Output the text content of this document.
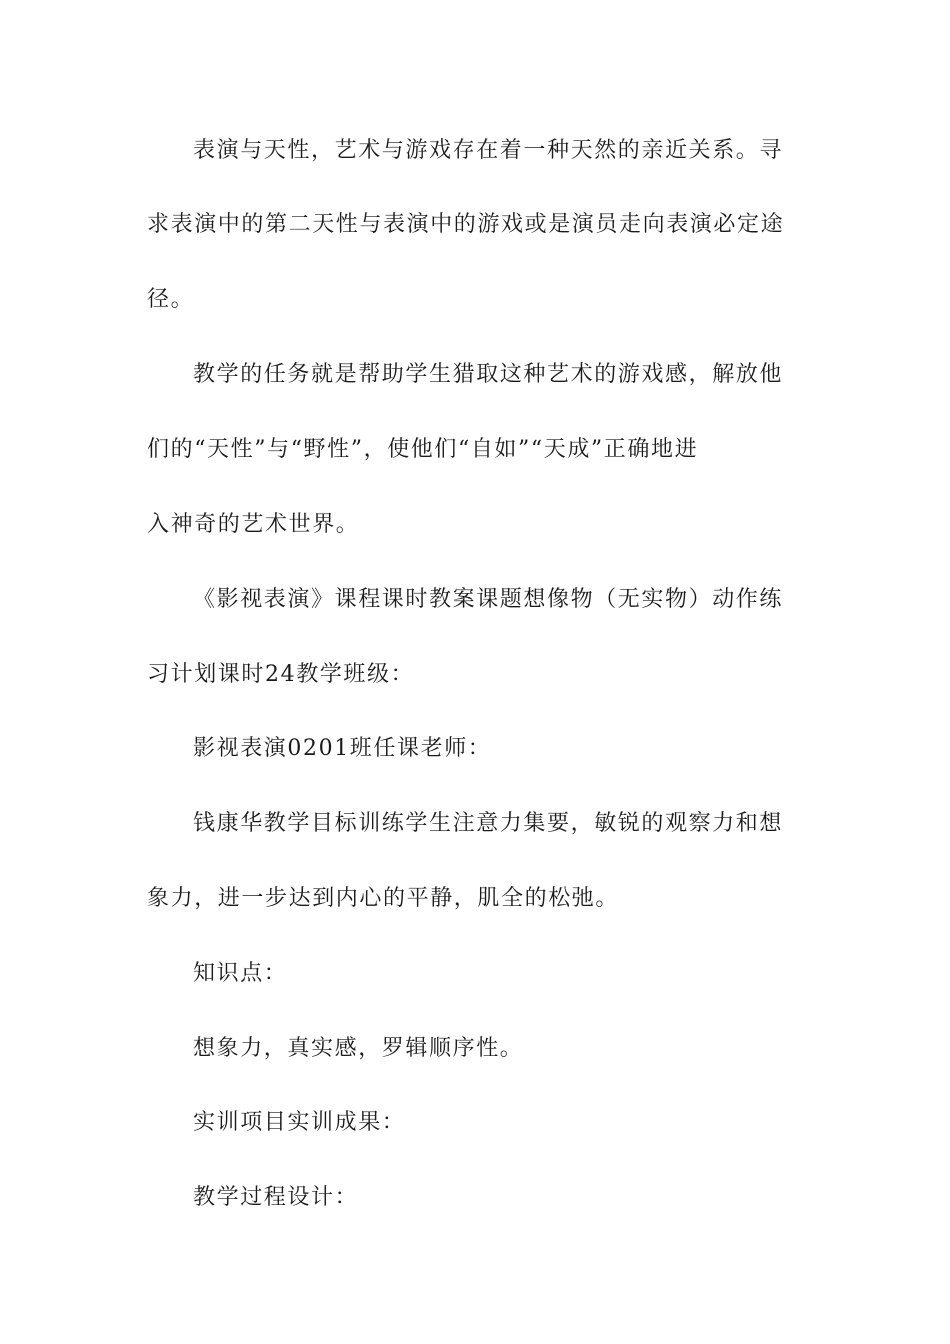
表演与天性，艺术与游戏存在着一种天然的亲近关系。寻
求表演中的第二天性与表演中的游戏或是演员走向表演必定途
径。
教学的任务就是帮助学生猎取这种艺术的游戏感，解放他
们的“天性”与“野性”，使他们“自如”“天成”正确地进
入神奇的艺术世界。
《影视表演》课程课时教案课题想像物（无实物）动作练
习计划课时24教学班级：
影视表演0201班任课老师：
钱康华教学目标训练学生注意力集要，敏锐的观察力和想
象力，进一步达到内心的平静，肌全的松弛。
知识点：
想象力，真实感，罗辑顺序性。
实训项目实训成果：
教学过程设计：
